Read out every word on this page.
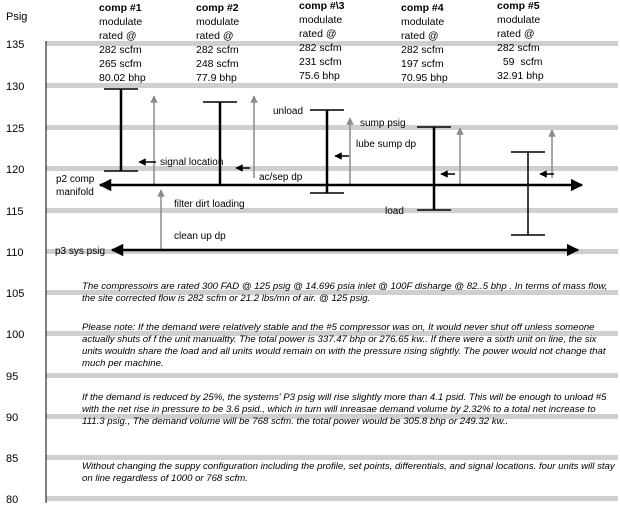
Psig
135
130
125
120
115
110
105
100
95
90
85
80
comp #1
modulate
rated @
282 scfm
265 scfm
80.02 bhp
comp #2
modulate
rated @
282 scfm
248 scfm
77.9 bhp
comp #\3
modulate
rated @
282 scfm
231 scfm
75.6 bhp
comp #4
modulate
rated @
282 scfm
197 scfm
70.95 bhp
comp #5
modulate
rated @
282 scfm
59  scfm
32.91 bhp
signal location
ac/sep dp
unload
sump psig
lube sump dp
load
p2 comp
manifold
filter dirt loading
clean up dp
p3 sys psig

The compressoirs are rated 300 FAD @ 125 psig @ 14.696 psia inlet @ 100F disharge @ 82..5 bhp . In terms of mass flow, the site corrected flow is 282 scfm or 21.2 lbs/mn of air. @ 125 psig.

Please note: If the demand were relatively stable and the #5 compressor was on, It would never shut off unless someone actually shuts of f the unit manualtty. The total power is 337.47 bhp or 276.65 kw.. If there were a sixth unit on line, the six units wouldn share the load and all units would remain on with the pressure rising slightly. The power would not change that much per machine.

If the demand is reduced by 25%, the systems' P3 psig will rise slightly more than 4.1 psid. This will be enough to unload #5 with the net rise in pressure to be 3.6 psid., which in turn will inreasae demand volume by 2.32% to a total net increase to 111.3 psig., The demand volume will be 768 scfm. the total power would be 305.8 bhp or 249.32 kw..

Without changing the suppy configuration including the profile, set points, differentials, and signal locations. four units will stay on line regardless of 1000 or 768 scfm.
